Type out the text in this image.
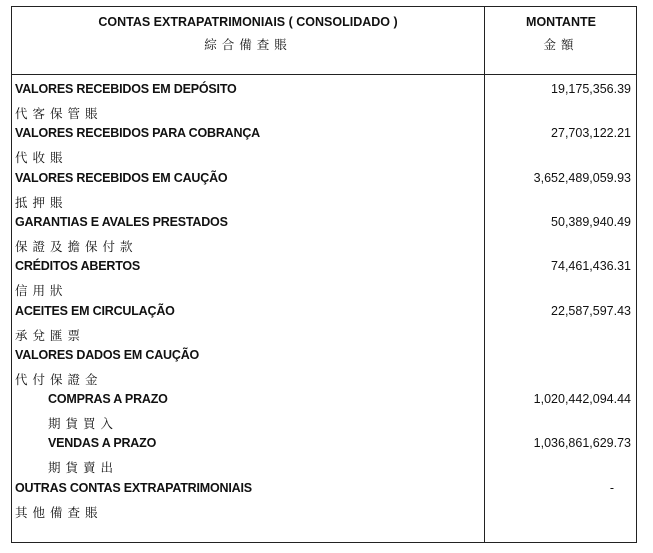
CONTAS EXTRAPATRIMONIAIS ( CONSOLIDADO )
綜合備查賬
MONTANTE
金額
VALORES RECEBIDOS EM DEPÓSITO	19,175,356.39
代客保管賬
VALORES RECEBIDOS PARA COBRANÇA	27,703,122.21
代收賬
VALORES RECEBIDOS EM CAUÇÃO	3,652,489,059.93
抵押賬
GARANTIAS E AVALES PRESTADOS	50,389,940.49
保證及擔保付款
CRÉDITOS ABERTOS	74,461,436.31
信用狀
ACEITES EM CIRCULAÇÃO	22,587,597.43
承兌匯票
VALORES DADOS EM CAUÇÃO
代付保證金
COMPRAS A PRAZO	1,020,442,094.44
期貨買入
VENDAS A PRAZO	1,036,861,629.73
期貨賣出
OUTRAS CONTAS EXTRAPATRIMONIAIS	-
其他備查賬
